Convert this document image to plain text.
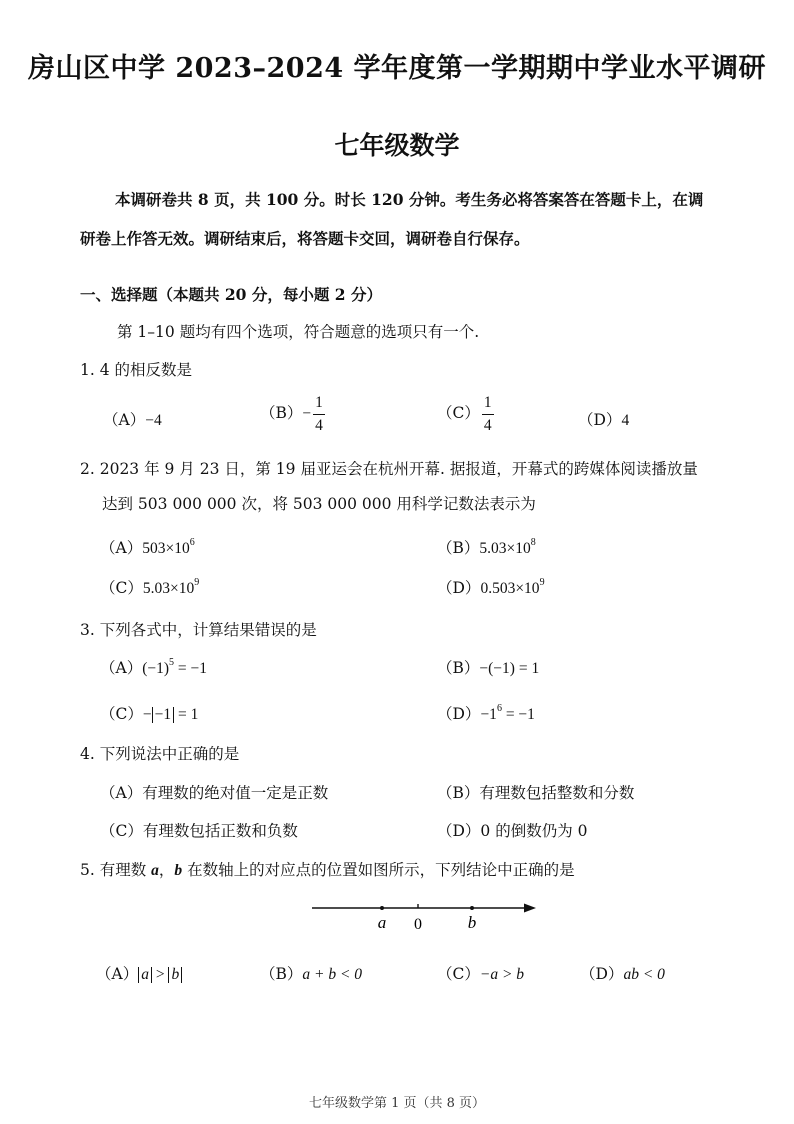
房山区中学 2023–2024 学年度第一学期期中学业水平调研
七年级数学
本调研卷共 8 页，共 100 分。时长 120 分钟。考生务必将答案答在答题卡上，在调
研卷上作答无效。调研结束后，将答题卡交回，调研卷自行保存。
一、选择题（本题共 20 分，每小题 2 分）
第 1–10 题均有四个选项，符合题意的选项只有一个.
1. 4 的相反数是
（A）−4	$(B)- \frac{1}{4}$	$(C) \frac{1}{4}$	（D）4
2. 2023 年 9 月 23 日，第 19 届亚运会在杭州开幕. 据报道，开幕式的跨媒体阅读播放量
达到 503 000 000 次，将 503 000 000 用科学记数法表示为
$(A)503\times 10^6$	$(B)5.03\times 10^8$
$(C)5.03\times 10^9$	$(D)0.503\times 10^9$
3. 下列各式中，计算结果错误的是
$(A)(-1)^5 = -1$	（B）−(−1) = 1
（C）− −1 = 1	$(D)-1^6 = -1$
4. 下列说法中正确的是
（A）有理数的绝对值一定是正数	（B）有理数包括整数和分数
（C）有理数包括正数和负数	（D）0 的倒数仍为 0
5. 有理数 a，b 在数轴上的对应点的位置如图所示，下列结论中正确的是
a 0	b
（A） a > b	（B）a + b < 0	（C）−a > b	（D）ab < 0
七年级数学第 1 页（共 8 页）
